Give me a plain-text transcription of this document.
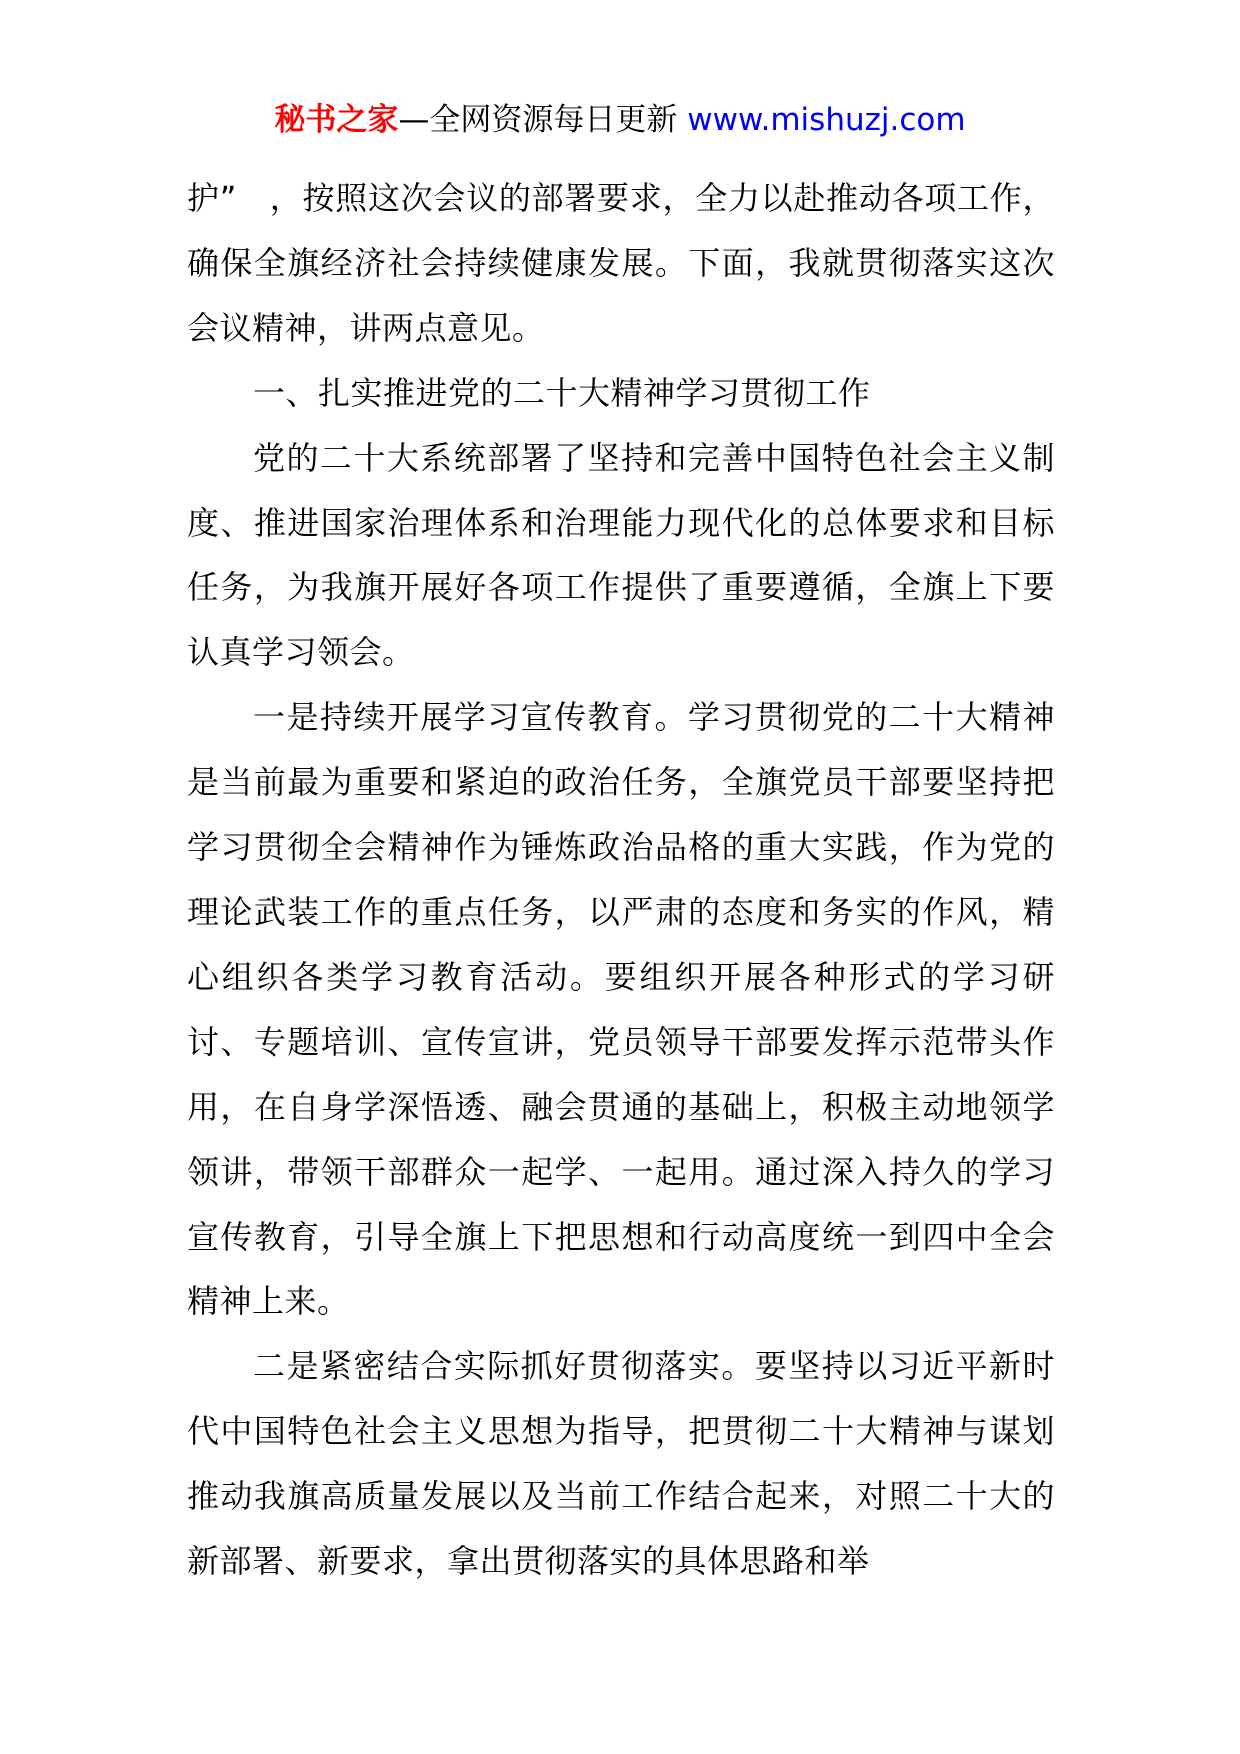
秘书之家—全网资源每日更新 www.mishuzj.com

护”　，按照这次会议的部署要求，全力以赴推动各项工作，确保全旗经济社会持续健康发展。下面，我就贯彻落实这次会议精神，讲两点意见。

一、扎实推进党的二十大精神学习贯彻工作

党的二十大系统部署了坚持和完善中国特色社会主义制度、推进国家治理体系和治理能力现代化的总体要求和目标任务，为我旗开展好各项工作提供了重要遵循，全旗上下要认真学习领会。

一是持续开展学习宣传教育。学习贯彻党的二十大精神是当前最为重要和紧迫的政治任务，全旗党员干部要坚持把学习贯彻全会精神作为锤炼政治品格的重大实践，作为党的理论武装工作的重点任务，以严肃的态度和务实的作风，精心组织各类学习教育活动。要组织开展各种形式的学习研讨、专题培训、宣传宣讲，党员领导干部要发挥示范带头作用，在自身学深悟透、融会贯通的基础上，积极主动地领学领讲，带领干部群众一起学、一起用。通过深入持久的学习宣传教育，引导全旗上下把思想和行动高度统一到四中全会精神上来。

二是紧密结合实际抓好贯彻落实。要坚持以习近平新时代中国特色社会主义思想为指导，把贯彻二十大精神与谋划推动我旗高质量发展以及当前工作结合起来，对照二十大的新部署、新要求，拿出贯彻落实的具体思路和举
